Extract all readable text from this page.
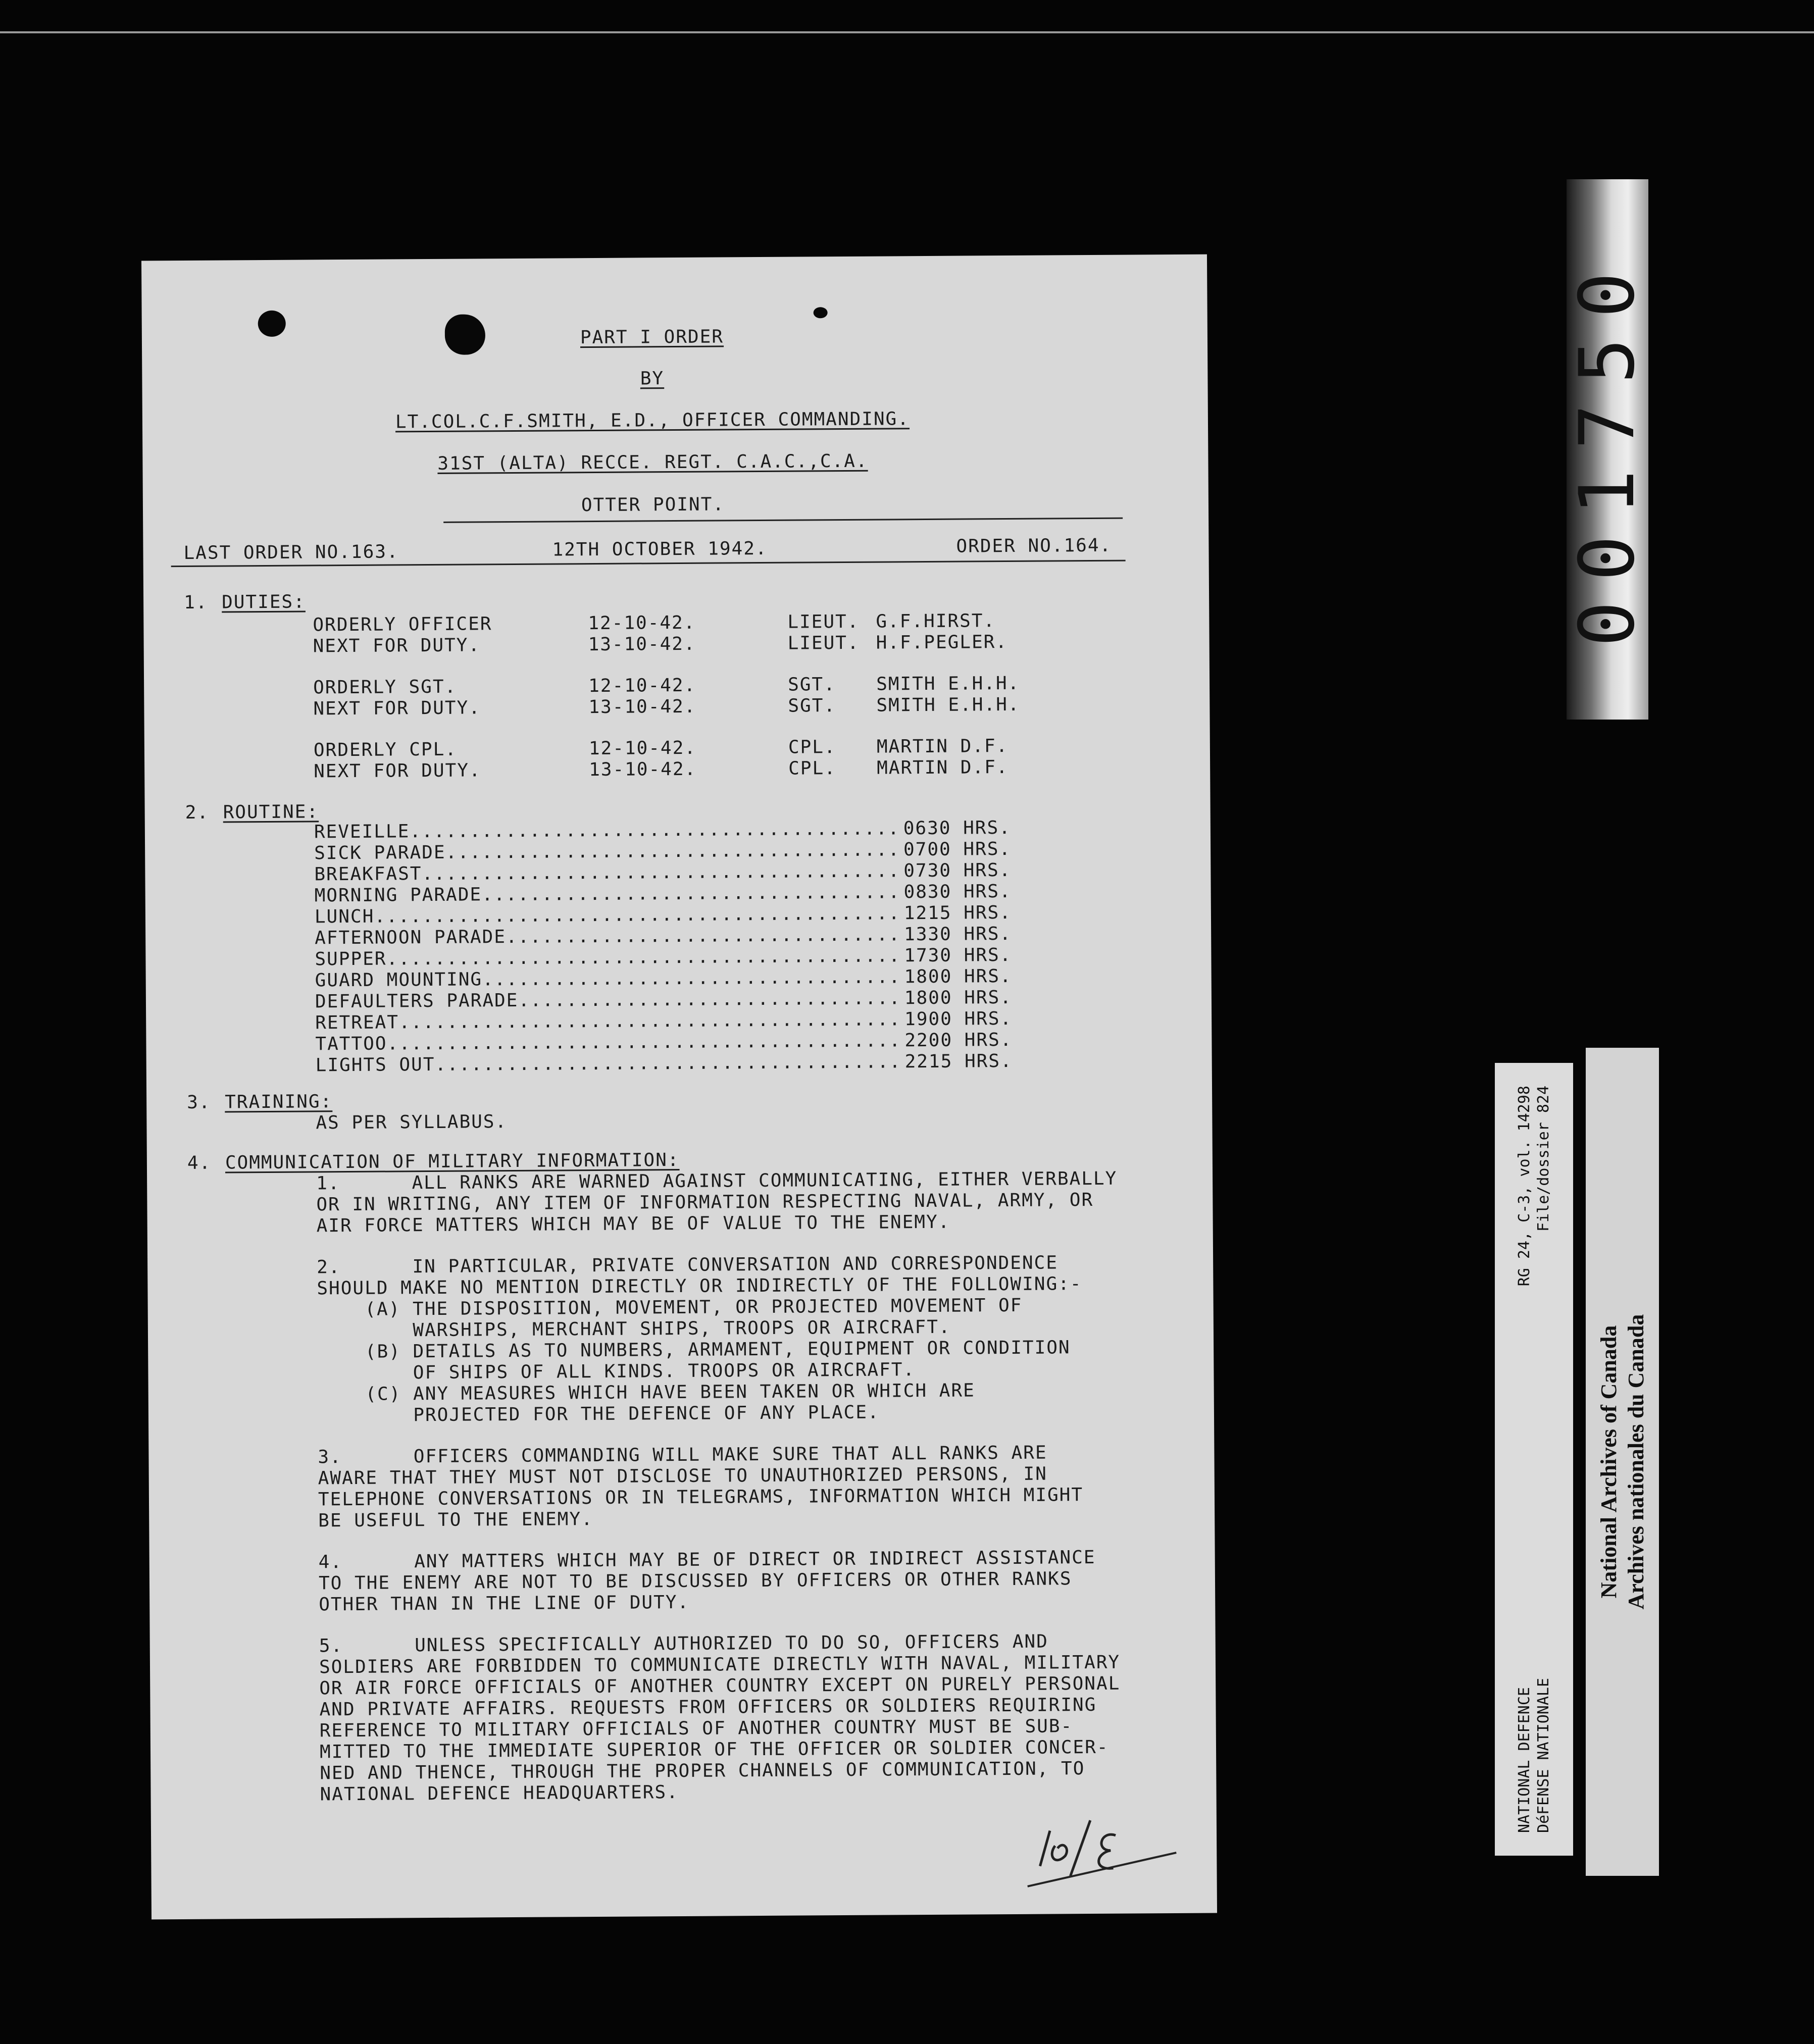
PART I ORDER
BY
LT.COL.C.F.SMITH, E.D., OFFICER COMMANDING.
31ST (ALTA) RECCE. REGT. C.A.C.,C.A.
OTTER POINT.
LAST ORDER NO.163.	12TH OCTOBER 1942.	ORDER NO.164.
1. DUTIES:
ORDERLY OFFICER	12-10-42.	LIEUT. G.F.HIRST.
NEXT FOR DUTY.	13-10-42.	LIEUT. H.F.PEGLER.
ORDERLY SGT.	12-10-42.	SGT. SMITH E.H.H.
NEXT FOR DUTY.	13-10-42.	SGT. SMITH E.H.H.
ORDERLY CPL.	12-10-42.	CPL. MARTIN D.F.
NEXT FOR DUTY.	13-10-42.	CPL. MARTIN D.F.
2. ROUTINE:
REVEILLE .....	0630 HRS.
SICK PARADE .....	0700 HRS.
BREAKFAST .....	0730 HRS.
MORNING PARADE .....	0830 HRS.
LUNCH .....	1215 HRS.
AFTERNOON PARADE .....	1330 HRS.
SUPPER .....	1730 HRS.
GUARD MOUNTING .....	1800 HRS.
DEFAULTERS PARADE .....	1800 HRS.
RETREAT .....	1900 HRS.
TATTOO .....	2200 HRS.
LIGHTS OUT .....	2215 HRS.
3. TRAINING:
AS PER SYLLABUS.
4. COMMUNICATION OF MILITARY INFORMATION:
1.      ALL RANKS ARE WARNED AGAINST COMMUNICATING, EITHER VERBALLY
OR IN WRITING, ANY ITEM OF INFORMATION RESPECTING NAVAL, ARMY, OR
AIR FORCE MATTERS WHICH MAY BE OF VALUE TO THE ENEMY.
2.      IN PARTICULAR, PRIVATE CONVERSATION AND CORRESPONDENCE
SHOULD MAKE NO MENTION DIRECTLY OR INDIRECTLY OF THE FOLLOWING:-
(A) THE DISPOSITION, MOVEMENT, OR PROJECTED MOVEMENT OF
WARSHIPS, MERCHANT SHIPS, TROOPS OR AIRCRAFT.
(B) DETAILS AS TO NUMBERS, ARMAMENT, EQUIPMENT OR CONDITION
OF SHIPS OF ALL KINDS. TROOPS OR AIRCRAFT.
(C) ANY MEASURES WHICH HAVE BEEN TAKEN OR WHICH ARE
PROJECTED FOR THE DEFENCE OF ANY PLACE.
3.      OFFICERS COMMANDING WILL MAKE SURE THAT ALL RANKS ARE
AWARE THAT THEY MUST NOT DISCLOSE TO UNAUTHORIZED PERSONS, IN
TELEPHONE CONVERSATIONS OR IN TELEGRAMS, INFORMATION WHICH MIGHT
BE USEFUL TO THE ENEMY.
4.      ANY MATTERS WHICH MAY BE OF DIRECT OR INDIRECT ASSISTANCE
TO THE ENEMY ARE NOT TO BE DISCUSSED BY OFFICERS OR OTHER RANKS
OTHER THAN IN THE LINE OF DUTY.
5.      UNLESS SPECIFICALLY AUTHORIZED TO DO SO, OFFICERS AND
SOLDIERS ARE FORBIDDEN TO COMMUNICATE DIRECTLY WITH NAVAL, MILITARY
OR AIR FORCE OFFICIALS OF ANOTHER COUNTRY EXCEPT ON PURELY PERSONAL
AND PRIVATE AFFAIRS. REQUESTS FROM OFFICERS OR SOLDIERS REQUIRING
REFERENCE TO MILITARY OFFICIALS OF ANOTHER COUNTRY MUST BE SUB-
MITTED TO THE IMMEDIATE SUPERIOR OF THE OFFICER OR SOLDIER CONCER-
NED AND THENCE, THROUGH THE PROPER CHANNELS OF COMMUNICATION, TO
NATIONAL DEFENCE HEADQUARTERS.
001750
NATIONAL DEFENCE
RG 24, C-3, vol. 14298
DéFENSE NATIONALE
File/dossier 824
National Archives of Canada Archives nationales du Canada
